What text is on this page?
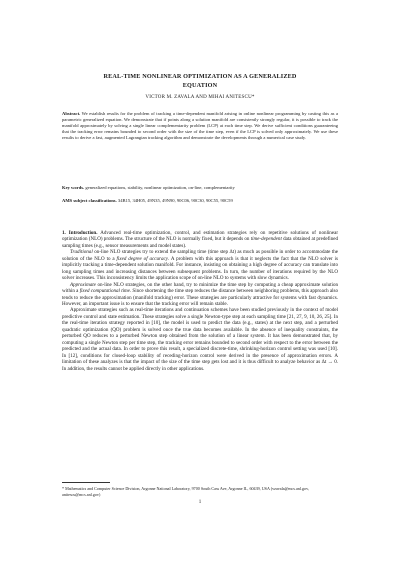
REAL-TIME NONLINEAR OPTIMIZATION AS A GENERALIZED
EQUATION
VICTOR M. ZAVALA AND MIHAI ANITESCU*
Abstract. We establish results for the problem of tracking a time-dependent manifold arising in online nonlinear programming by casting this as a parametric generalized equation. We demonstrate that if points along a solution manifold are consistently strongly regular, it is possible to track the manifold approximately by solving a single linear complementarity problem (LCP) at each time step. We derive sufficient conditions guaranteeing that the tracking error remains bounded to second order with the size of the time step, even if the LCP is solved only approximately. We use these results to derive a fast, augmented Lagrangian tracking algorithm and demonstrate the developments through a numerical case study.
Key words. generalized equations, stability, nonlinear optimization, on-line, complementarity
AMS subject classifications. 34B15, 34H05, 49N35, 49N90, 90C06, 90C30, 90C55, 90C59

1. Introduction. Advanced real-time optimization, control, and estimation strategies rely on repetitive solutions of nonlinear optimization (NLO) problems. The structure of the NLO is normally fixed, but it depends on time-dependent data obtained at predefined sampling times (e.g., sensor measurements and model states).

Traditional on-line NLO strategies try to extend the sampling time (time step Δt) as much as possible in order to accommodate the solution of the NLO to a fixed degree of accuracy. A problem with this approach is that it neglects the fact that the NLO solver is implicitly tracking a time-dependent solution manifold. For instance, insisting on obtaining a high degree of accuracy can translate into long sampling times and increasing distances between subsequent problems. In turn, the number of iterations required by the NLO solver increases. This inconsistency limits the application scope of on-line NLO to systems with slow dynamics.

Approximate on-line NLO strategies, on the other hand, try to minimize the time step by computing a cheap approximate solution within a fixed computational time. Since shortening the time step reduces the distance between neighboring problems, this approach also tends to reduce the approximation (manifold tracking) error. These strategies are particularly attractive for systems with fast dynamics. However, an important issue is to ensure that the tracking error will remain stable.

Approximate strategies such as real-time iterations and continuation schemes have been studied previously in the context of model predictive control and state estimation. These strategies solve a single Newton-type step at each sampling time [21, 27, 9, 10, 26, 25]. In the real-time iteration strategy reported in [10], the model is used to predict the data (e.g., states) at the next step, and a perturbed quadratic optimization (QO) problem is solved once the true data becomes available. In the absence of inequality constraints, the perturbed QO reduces to a perturbed Newton step obtained from the solution of a linear system. It has been demonstrated that, by computing a single Newton step per time step, the tracking error remains bounded to second order with respect to the error between the predicted and the actual data. In order to prove this result, a specialized discrete-time, shrinking-horizon control setting was used [10]. In [12], conditions for closed-loop stability of receding-horizon control were derived in the presence of approximation errors. A limitation of these analyzes is that the impact of the size of the time step gets lost and it is thus difficult to analyze behavior as Δt → 0. In addition, the results cannot be applied directly in other applications.

* Mathematics and Computer Science Division, Argonne National Laboratory, 9700 South Cass Ave, Argonne IL, 60439, USA (vzavala@mcs.anl.gov, anitescu@mcs.anl.gov)
1
